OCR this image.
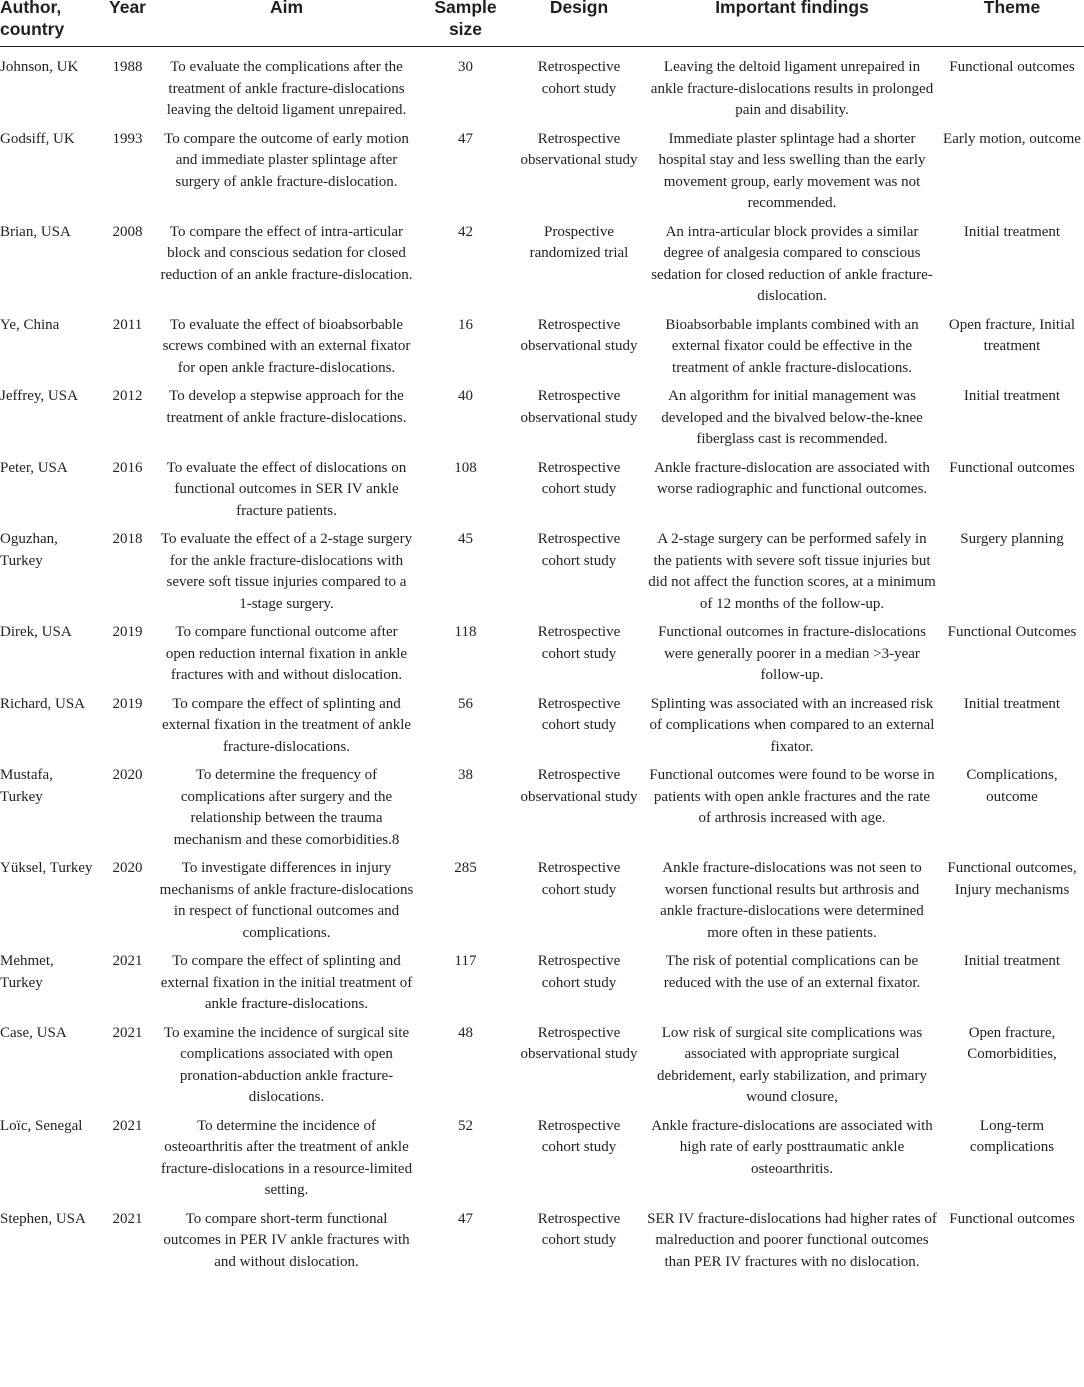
Author, country	Year	Aim	Sample size	Design	Important findings	Theme
Johnson, UK	1988	To evaluate the complications after the treatment of ankle fracture-dislocations leaving the deltoid ligament unrepaired.	30	Retrospective cohort study	Leaving the deltoid ligament unrepaired in ankle fracture-dislocations results in prolonged pain and disability.	Functional outcomes
Godsiff, UK	1993	To compare the outcome of early motion and immediate plaster splintage after surgery of ankle fracture-dislocation.	47	Retrospective observational study	Immediate plaster splintage had a shorter hospital stay and less swelling than the early movement group, early movement was not recommended.	Early motion, outcome
Brian, USA	2008	To compare the effect of intra-articular block and conscious sedation for closed reduction of an ankle fracture-dislocation.	42	Prospective randomized trial	An intra-articular block provides a similar degree of analgesia compared to conscious sedation for closed reduction of ankle fracture-dislocation.	Initial treatment
Ye, China	2011	To evaluate the effect of bioabsorbable screws combined with an external fixator for open ankle fracture-dislocations.	16	Retrospective observational study	Bioabsorbable implants combined with an external fixator could be effective in the treatment of ankle fracture-dislocations.	Open fracture, Initial treatment
Jeffrey, USA	2012	To develop a stepwise approach for the treatment of ankle fracture-dislocations.	40	Retrospective observational study	An algorithm for initial management was developed and the bivalved below-the-knee fiberglass cast is recommended.	Initial treatment
Peter, USA	2016	To evaluate the effect of dislocations on functional outcomes in SER IV ankle fracture patients.	108	Retrospective cohort study	Ankle fracture-dislocation are associated with worse radiographic and functional outcomes.	Functional outcomes
Oguzhan, Turkey	2018	To evaluate the effect of a 2-stage surgery for the ankle fracture-dislocations with severe soft tissue injuries compared to a 1-stage surgery.	45	Retrospective cohort study	A 2-stage surgery can be performed safely in the patients with severe soft tissue injuries but did not affect the function scores, at a minimum of 12 months of the follow-up.	Surgery planning
Direk, USA	2019	To compare functional outcome after open reduction internal fixation in ankle fractures with and without dislocation.	118	Retrospective cohort study	Functional outcomes in fracture-dislocations were generally poorer in a median >3-year follow-up.	Functional Outcomes
Richard, USA	2019	To compare the effect of splinting and external fixation in the treatment of ankle fracture-dislocations.	56	Retrospective cohort study	Splinting was associated with an increased risk of complications when compared to an external fixator.	Initial treatment
Mustafa, Turkey	2020	To determine the frequency of complications after surgery and the relationship between the trauma mechanism and these comorbidities.8	38	Retrospective observational study	Functional outcomes were found to be worse in patients with open ankle fractures and the rate of arthrosis increased with age.	Complications, outcome
Yüksel, Turkey	2020	To investigate differences in injury mechanisms of ankle fracture-dislocations in respect of functional outcomes and complications.	285	Retrospective cohort study	Ankle fracture-dislocations was not seen to worsen functional results but arthrosis and ankle fracture-dislocations were determined more often in these patients.	Functional outcomes, Injury mechanisms
Mehmet, Turkey	2021	To compare the effect of splinting and external fixation in the initial treatment of ankle fracture-dislocations.	117	Retrospective cohort study	The risk of potential complications can be reduced with the use of an external fixator.	Initial treatment
Case, USA	2021	To examine the incidence of surgical site complications associated with open pronation-abduction ankle fracture-dislocations.	48	Retrospective observational study	Low risk of surgical site complications was associated with appropriate surgical debridement, early stabilization, and primary wound closure,	Open fracture, Comorbidities,
Loïc, Senegal	2021	To determine the incidence of osteoarthritis after the treatment of ankle fracture-dislocations in a resource-limited setting.	52	Retrospective cohort study	Ankle fracture-dislocations are associated with high rate of early posttraumatic ankle osteoarthritis.	Long-term complications
Stephen, USA	2021	To compare short-term functional outcomes in PER IV ankle fractures with and without dislocation.	47	Retrospective cohort study	SER IV fracture-dislocations had higher rates of malreduction and poorer functional outcomes than PER IV fractures with no dislocation.	Functional outcomes
